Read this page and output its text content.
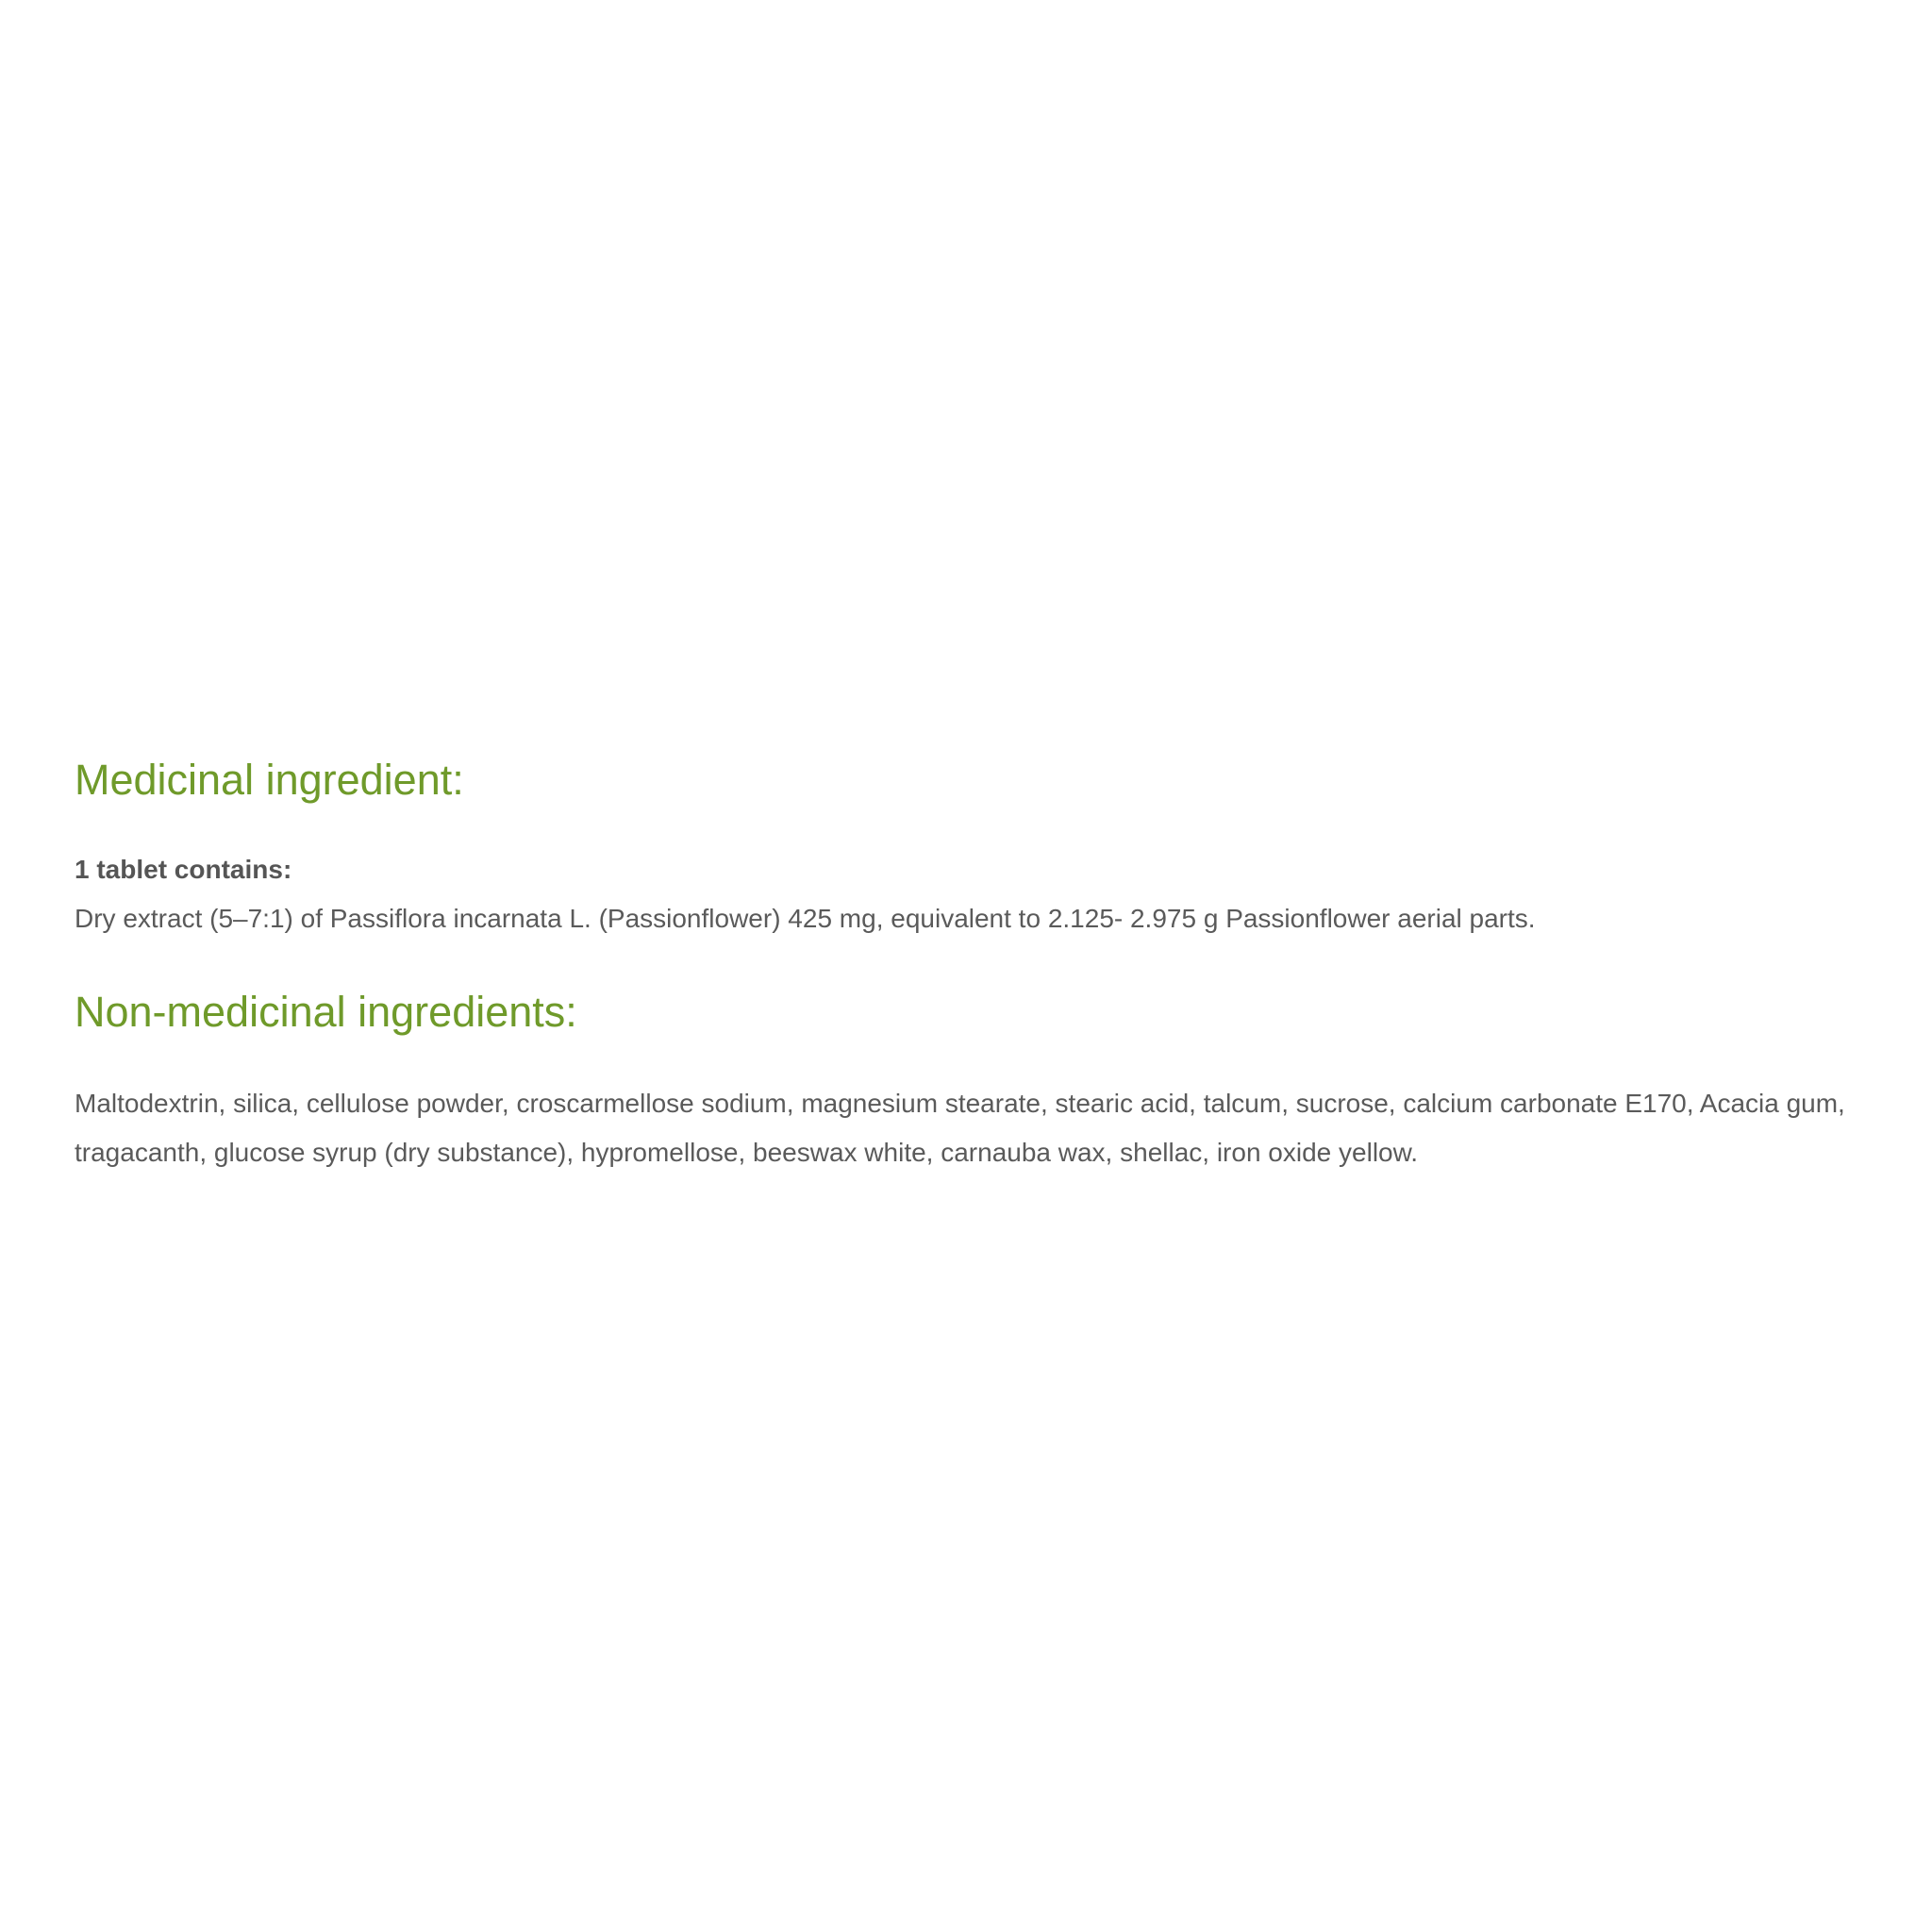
Medicinal ingredient:

1 tablet contains:

Dry extract (5–7:1) of Passiflora incarnata L. (Passionflower) 425 mg, equivalent to 2.125- 2.975 g Passionflower aerial parts.

Non-medicinal ingredients:

Maltodextrin, silica, cellulose powder, croscarmellose sodium, magnesium stearate, stearic acid, talcum, sucrose, calcium carbonate E170, Acacia gum, tragacanth, glucose syrup (dry substance), hypromellose, beeswax white, carnauba wax, shellac, iron oxide yellow.
